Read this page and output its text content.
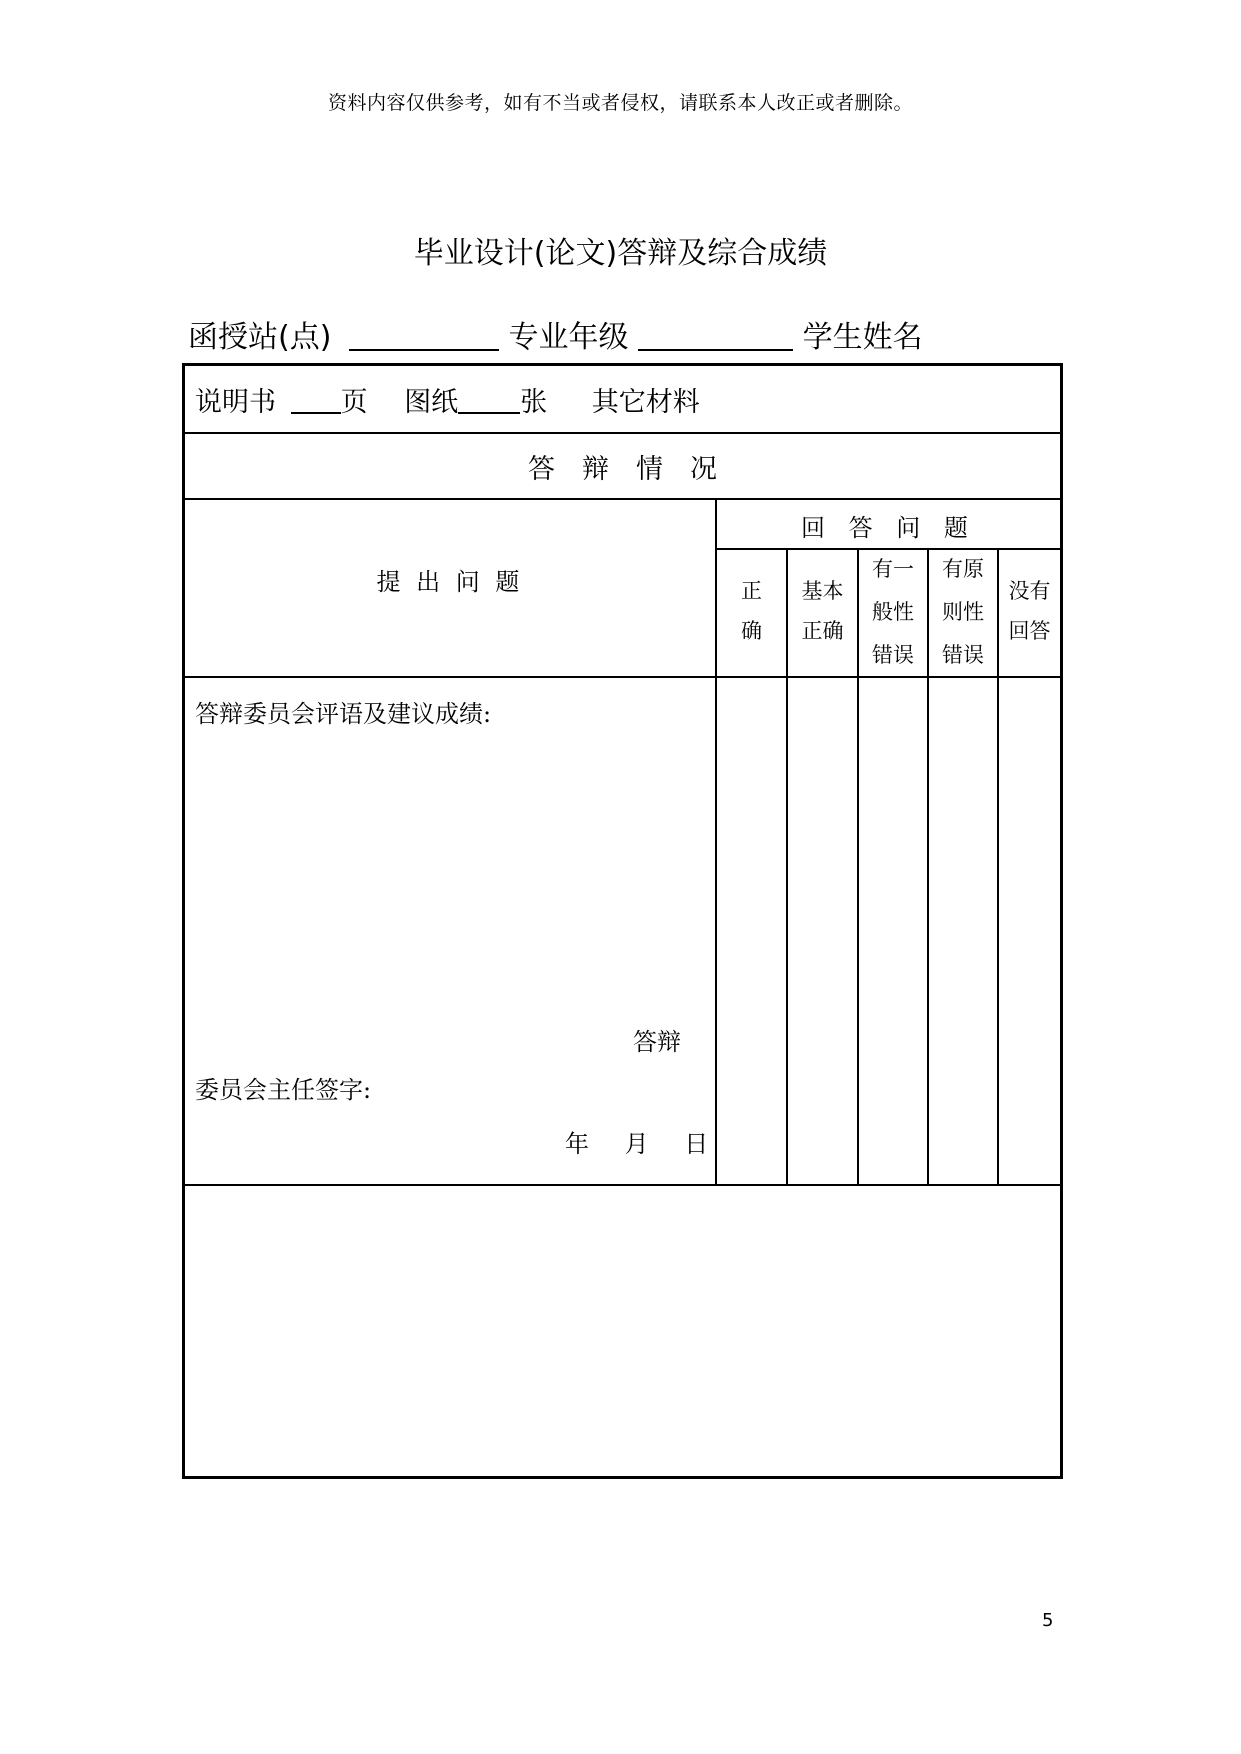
资料内容仅供参考，如有不当或者侵权，请联系本人改正或者删除。
毕业设计(论文)答辩及综合成绩
函授站(点)	专业年级	学生姓名
说明书 页 图纸 张 其它材料
答　辩　情　况
提 出 问 题
回 答 问 题
正
确
基本
正确
有一
般性
错误
有原
则性
错误
没有
回答
答辩委员会评语及建议成绩:
答辩
委员会主任签字:
年 月 日
5
